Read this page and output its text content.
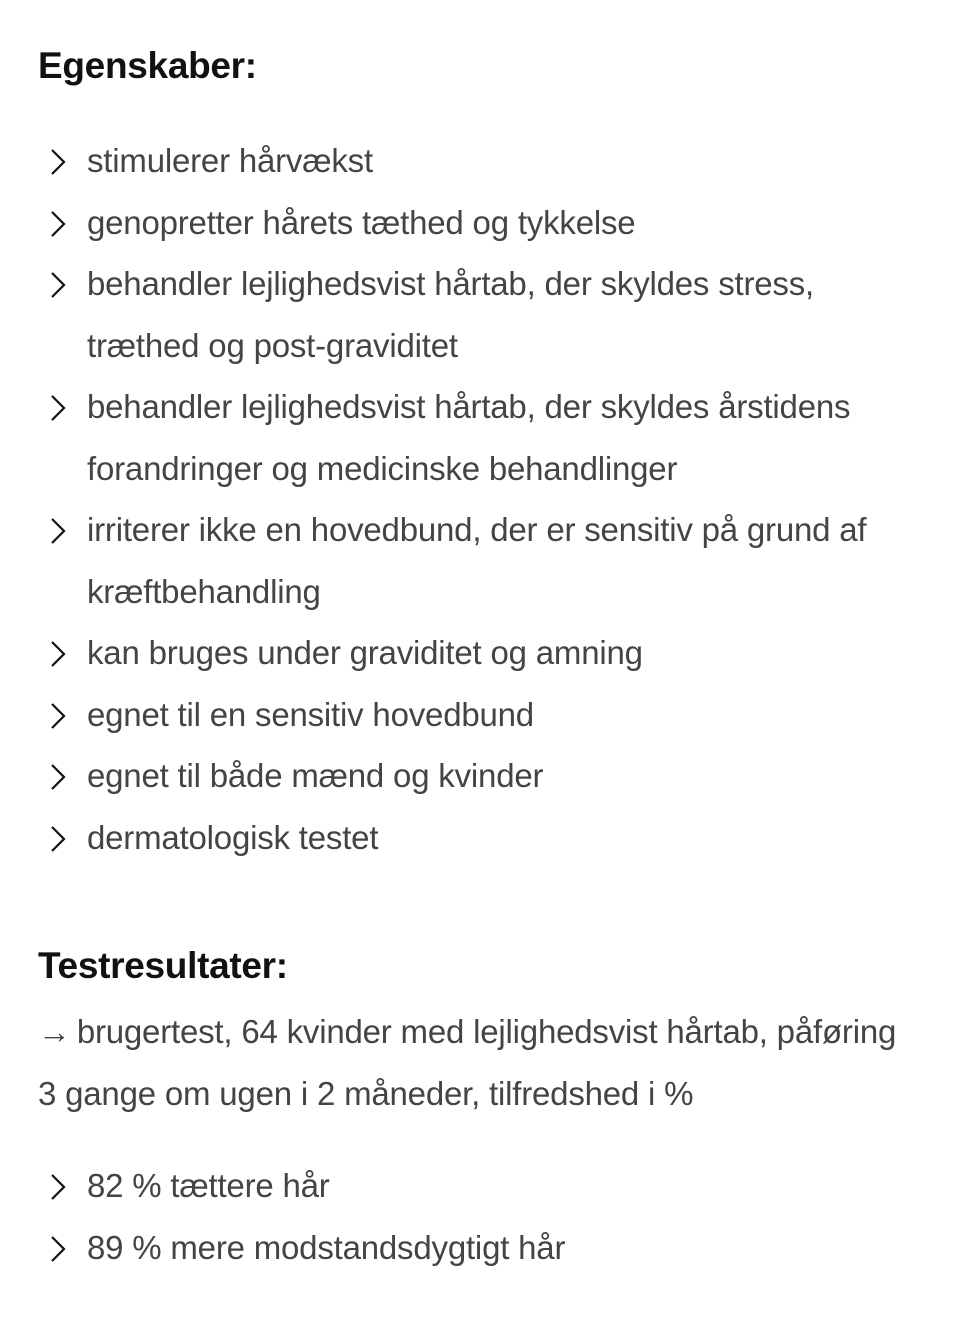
Egenskaber:
stimulerer hårvækst
genopretter hårets tæthed og tykkelse
behandler lejlighedsvist hårtab, der skyldes stress, træthed og post-graviditet
behandler lejlighedsvist hårtab, der skyldes årstidens forandringer og medicinske behandlinger
irriterer ikke en hovedbund, der er sensitiv på grund af kræftbehandling
kan bruges under graviditet og amning
egnet til en sensitiv hovedbund
egnet til både mænd og kvinder
dermatologisk testet
Testresultater:

→ brugertest, 64 kvinder med lejlighedsvist hårtab, påføring 3 gange om ugen i 2 måneder, tilfredshed i %

82 % tættere hår
89 % mere modstandsdygtigt hår
